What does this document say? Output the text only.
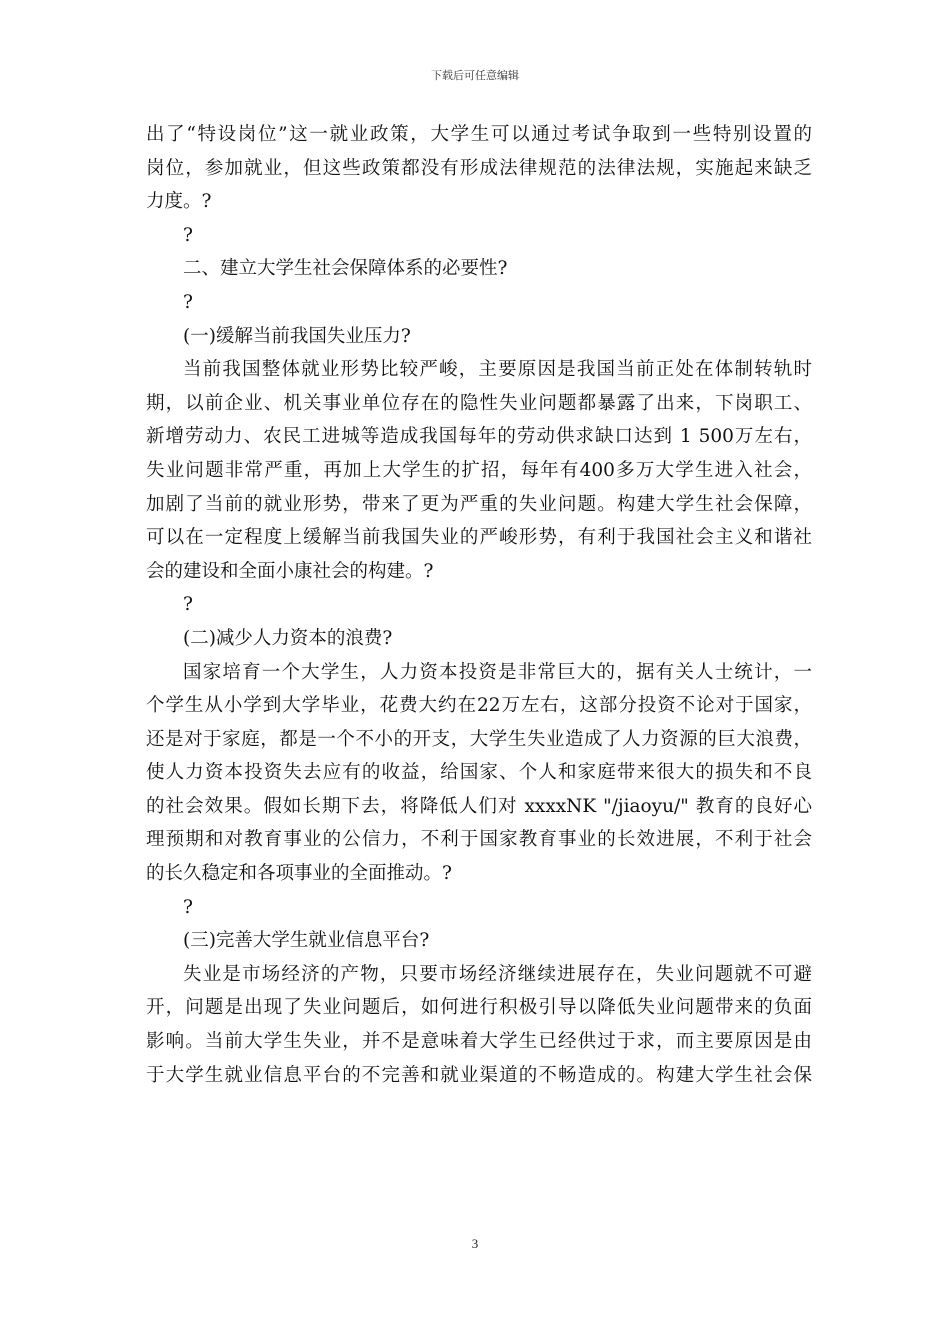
下载后可任意编辑
出了“特设岗位”这一就业政策，大学生可以通过考试争取到一些特别设置的
岗位，参加就业，但这些政策都没有形成法律规范的法律法规，实施起来缺乏
力度。?
?
二、建立大学生社会保障体系的必要性?
?
(一)缓解当前我国失业压力?
当前我国整体就业形势比较严峻，主要原因是我国当前正处在体制转轨时
期，以前企业、机关事业单位存在的隐性失业问题都暴露了出来，下岗职工、
新增劳动力、农民工进城等造成我国每年的劳动供求缺口达到 1 500万左右，
失业问题非常严重，再加上大学生的扩招，每年有400多万大学生进入社会，
加剧了当前的就业形势，带来了更为严重的失业问题。构建大学生社会保障，
可以在一定程度上缓解当前我国失业的严峻形势，有利于我国社会主义和谐社
会的建设和全面小康社会的构建。?
?
(二)减少人力资本的浪费?
国家培育一个大学生，人力资本投资是非常巨大的，据有关人士统计，一
个学生从小学到大学毕业，花费大约在22万左右，这部分投资不论对于国家，
还是对于家庭，都是一个不小的开支，大学生失业造成了人力资源的巨大浪费，
使人力资本投资失去应有的收益，给国家、个人和家庭带来很大的损失和不良
的社会效果。假如长期下去，将降低人们对 xxxxNK "/jiaoyu/" 教育的良好心
理预期和对教育事业的公信力，不利于国家教育事业的长效进展，不利于社会
的长久稳定和各项事业的全面推动。?
?
(三)完善大学生就业信息平台?
失业是市场经济的产物，只要市场经济继续进展存在，失业问题就不可避
开，问题是出现了失业问题后，如何进行积极引导以降低失业问题带来的负面
影响。当前大学生失业，并不是意味着大学生已经供过于求，而主要原因是由
于大学生就业信息平台的不完善和就业渠道的不畅造成的。构建大学生社会保
3
